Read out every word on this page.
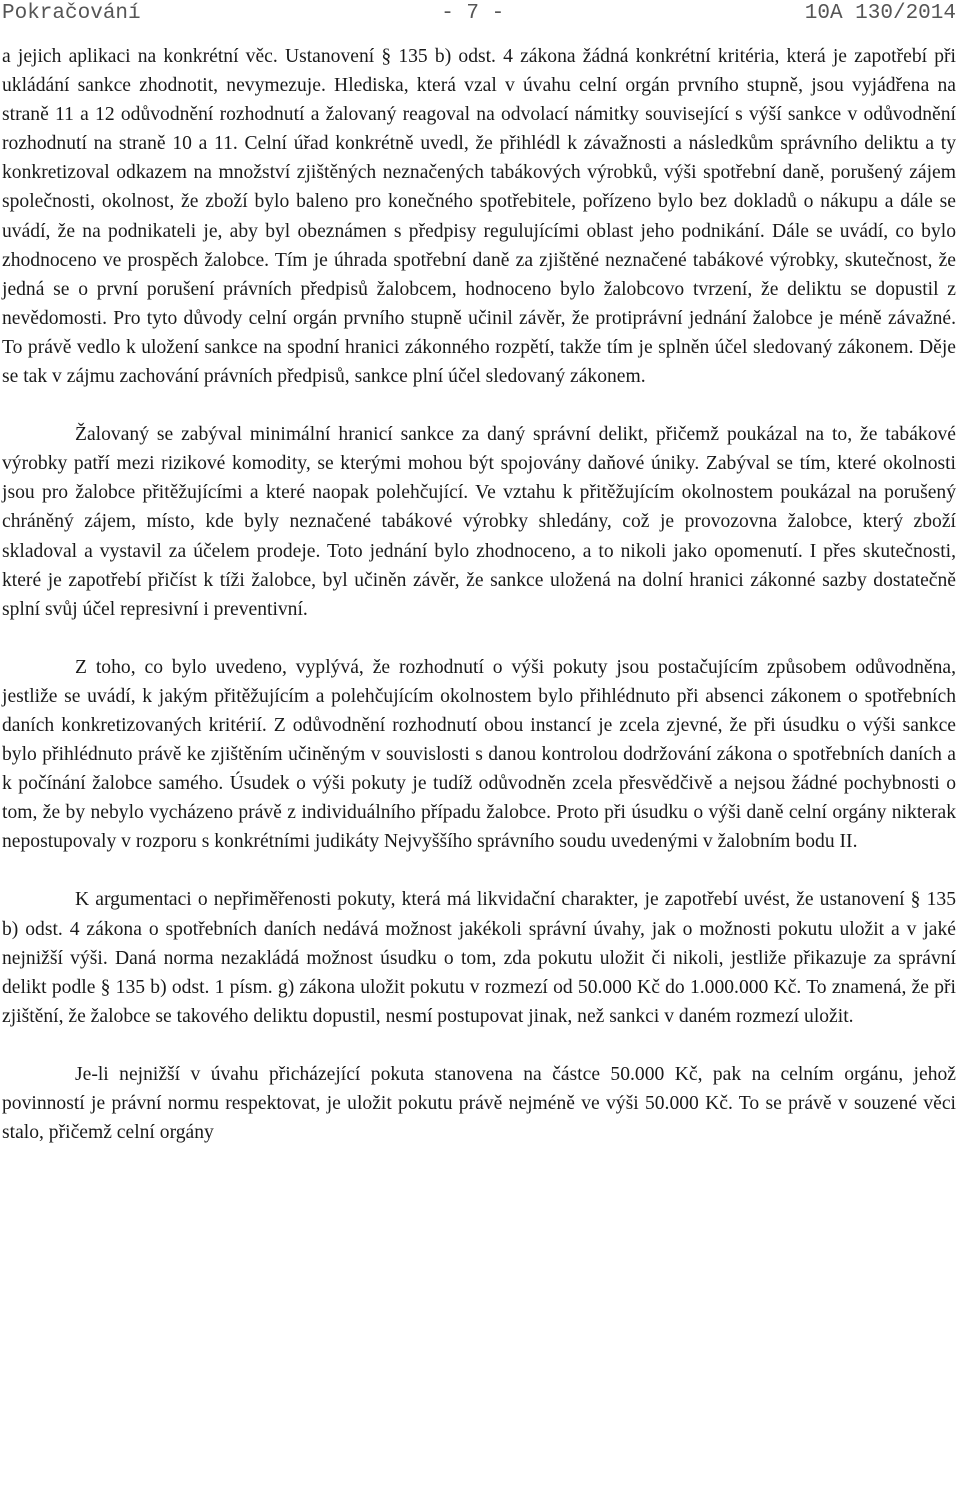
Pokračování	- 7 -	10A 130/2014

a jejich aplikaci na konkrétní věc. Ustanovení § 135 b) odst. 4 zákona žádná konkrétní kritéria, která je zapotřebí při ukládání sankce zhodnotit, nevymezuje. Hlediska, která vzal v úvahu celní orgán prvního stupně, jsou vyjádřena na straně 11 a 12 odůvodnění rozhodnutí a žalovaný reagoval na odvolací námitky související s výší sankce v odůvodnění rozhodnutí na straně 10 a 11. Celní úřad konkrétně uvedl, že přihlédl k závažnosti a následkům správního deliktu a ty konkretizoval odkazem na množství zjištěných neznačených tabákových výrobků, výši spotřební daně, porušený zájem společnosti, okolnost, že zboží bylo baleno pro konečného spotřebitele, pořízeno bylo bez dokladů o nákupu a dále se uvádí, že na podnikateli je, aby byl obeznámen s předpisy regulujícími oblast jeho podnikání. Dále se uvádí, co bylo zhodnoceno ve prospěch žalobce. Tím je úhrada spotřební daně za zjištěné neznačené tabákové výrobky, skutečnost, že jedná se o první porušení právních předpisů žalobcem, hodnoceno bylo žalobcovo tvrzení, že deliktu se dopustil z nevědomosti. Pro tyto důvody celní orgán prvního stupně učinil závěr, že protiprávní jednání žalobce je méně závažné. To právě vedlo k uložení sankce na spodní hranici zákonného rozpětí, takže tím je splněn účel sledovaný zákonem. Děje se tak v zájmu zachování právních předpisů, sankce plní účel sledovaný zákonem.

Žalovaný se zabýval minimální hranicí sankce za daný správní delikt, přičemž poukázal na to, že tabákové výrobky patří mezi rizikové komodity, se kterými mohou být spojovány daňové úniky. Zabýval se tím, které okolnosti jsou pro žalobce přitěžujícími a které naopak polehčující. Ve vztahu k přitěžujícím okolnostem poukázal na porušený chráněný zájem, místo, kde byly neznačené tabákové výrobky shledány, což je provozovna žalobce, který zboží skladoval a vystavil za účelem prodeje. Toto jednání bylo zhodnoceno, a to nikoli jako opomenutí. I přes skutečnosti, které je zapotřebí přičíst k tíži žalobce, byl učiněn závěr, že sankce uložená na dolní hranici zákonné sazby dostatečně splní svůj účel represivní i preventivní.

Z toho, co bylo uvedeno, vyplývá, že rozhodnutí o výši pokuty jsou postačujícím způsobem odůvodněna, jestliže se uvádí, k jakým přitěžujícím a polehčujícím okolnostem bylo přihlédnuto při absenci zákonem o spotřebních daních konkretizovaných kritérií. Z odůvodnění rozhodnutí obou instancí je zcela zjevné, že při úsudku o výši sankce bylo přihlédnuto právě ke zjištěním učiněným v souvislosti s danou kontrolou dodržování zákona o spotřebních daních a k počínání žalobce samého. Úsudek o výši pokuty je tudíž odůvodněn zcela přesvědčivě a nejsou žádné pochybnosti o tom, že by nebylo vycházeno právě z individuálního případu žalobce. Proto při úsudku o výši daně celní orgány nikterak nepostupovaly v rozporu s konkrétními judikáty Nejvyššího správního soudu uvedenými v žalobním bodu II.

K argumentaci o nepřiměřenosti pokuty, která má likvidační charakter, je zapotřebí uvést, že ustanovení § 135 b) odst. 4 zákona o spotřebních daních nedává možnost jakékoli správní úvahy, jak o možnosti pokutu uložit a v jaké nejnižší výši. Daná norma nezakládá možnost úsudku o tom, zda pokutu uložit či nikoli, jestliže přikazuje za správní delikt podle § 135 b) odst. 1 písm. g) zákona uložit pokutu v rozmezí od 50.000 Kč do 1.000.000 Kč. To znamená, že při zjištění, že žalobce se takového deliktu dopustil, nesmí postupovat jinak, než sankci v daném rozmezí uložit.

Je-li nejnižší v úvahu přicházející pokuta stanovena na částce 50.000 Kč, pak na celním orgánu, jehož povinností je právní normu respektovat, je uložit pokutu právě nejméně ve výši 50.000 Kč. To se právě v souzené věci stalo, přičemž celní orgány
